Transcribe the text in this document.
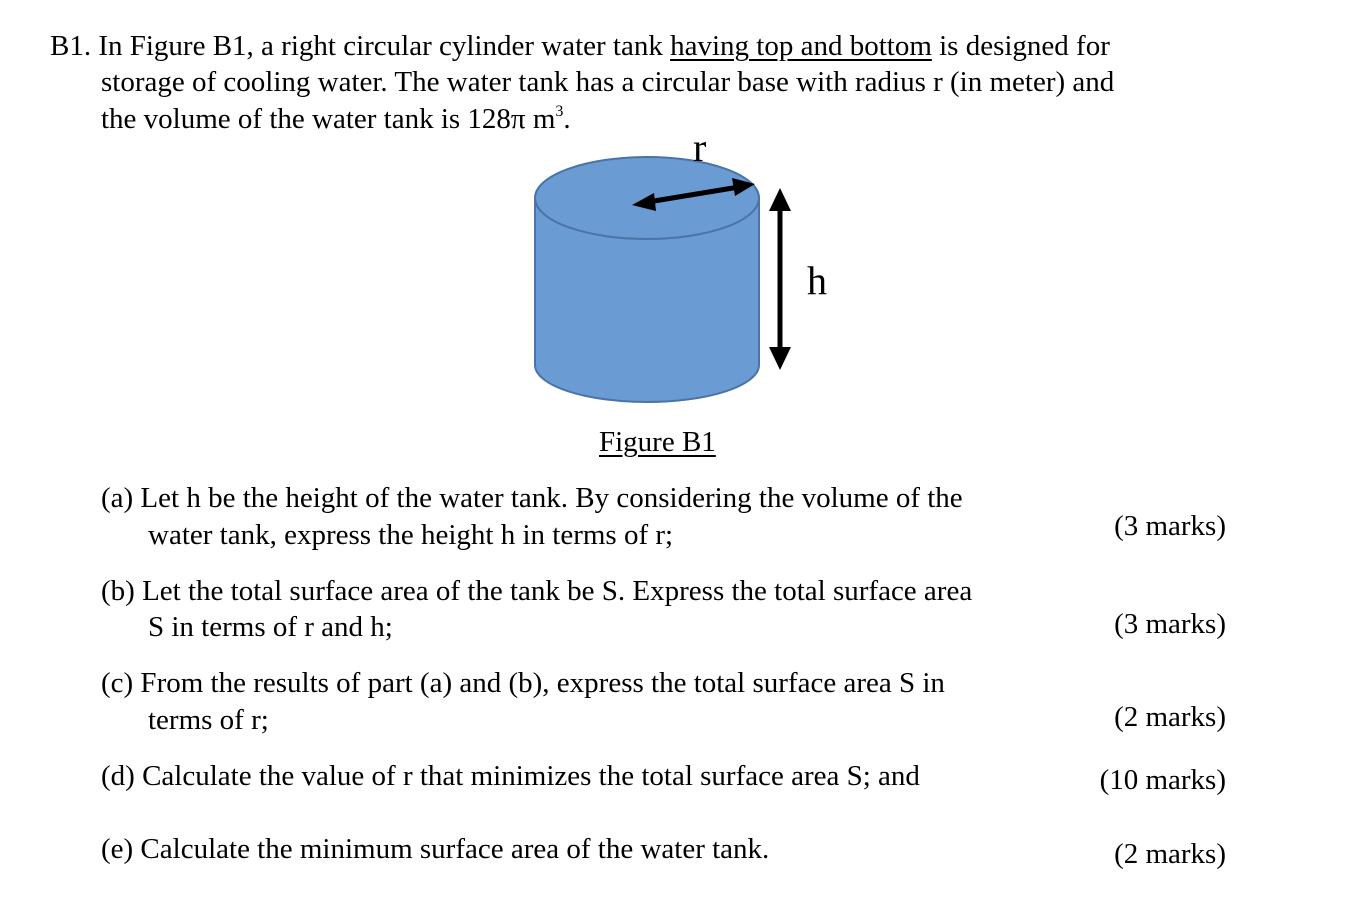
B1. In Figure B1, a right circular cylinder water tank having top and bottom is designed for
storage of cooling water. The water tank has a circular base with radius r (in meter) and
the volume of the water tank is 128π $m^3$.
r
h
Figure B1
(a) Let h be the height of the water tank. By considering the volume of the
water tank, express the height h in terms of r;	(3 marks)
(b) Let the total surface area of the tank be S. Express the total surface area
S in terms of r and h;	(3 marks)
(c) From the results of part (a) and (b), express the total surface area S in
terms of r;	(2 marks)
(d) Calculate the value of r that minimizes the total surface area S; and	(10 marks)
(e) Calculate the minimum surface area of the water tank.	(2 marks)
